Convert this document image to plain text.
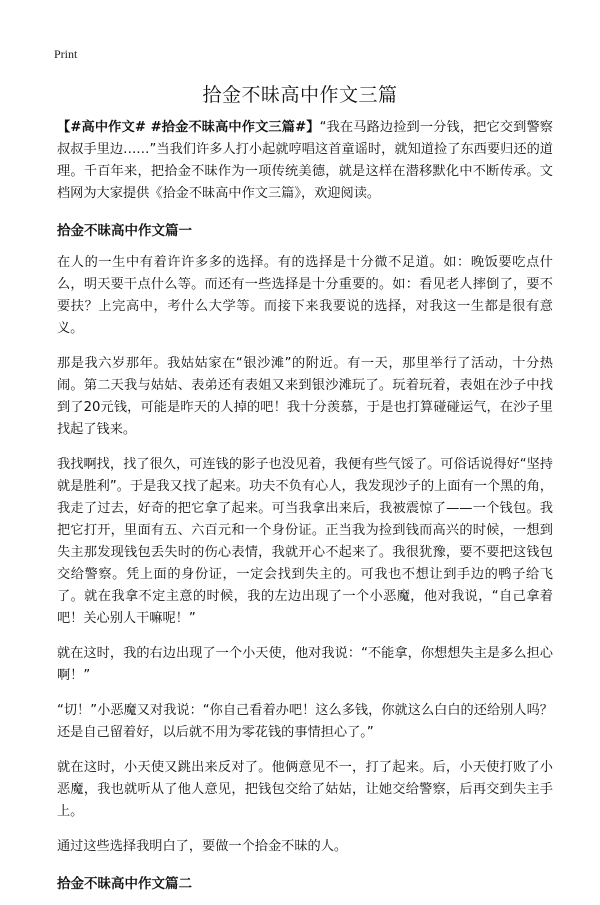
Print
拾金不昧高中作文三篇

【#高中作文# #拾金不昧高中作文三篇#】“我在马路边捡到一分钱，把它交到警察叔叔手里边……”当我们许多人打小起就哼唱这首童谣时，就知道捡了东西要归还的道理。千百年来，把拾金不昧作为一项传统美德，就是这样在潜移默化中不断传承。文档网为大家提供《拾金不昧高中作文三篇》，欢迎阅读。

拾金不昧高中作文篇一

在人的一生中有着许许多多的选择。有的选择是十分微不足道。如：晚饭要吃点什么，明天要干点什么等。而还有一些选择是十分重要的。如：看见老人摔倒了，要不要扶？上完高中，考什么大学等。而接下来我要说的选择，对我这一生都是很有意义。

那是我六岁那年。我姑姑家在“银沙滩”的附近。有一天，那里举行了活动，十分热闹。第二天我与姑姑、表弟还有表姐又来到银沙滩玩了。玩着玩着，表姐在沙子中找到了20元钱，可能是昨天的人掉的吧！我十分羡慕，于是也打算碰碰运气，在沙子里找起了钱来。

我找啊找，找了很久，可连钱的影子也没见着，我便有些气馁了。可俗话说得好“坚持就是胜利”。于是我又找了起来。功夫不负有心人，我发现沙子的上面有一个黑的角，我走了过去，好奇的把它拿了起来。可当我拿出来后，我被震惊了——一个钱包。我把它打开，里面有五、六百元和一个身份证。正当我为捡到钱而高兴的时候，一想到失主那发现钱包丢失时的伤心表情，我就开心不起来了。我很犹豫，要不要把这钱包交给警察。凭上面的身份证，一定会找到失主的。可我也不想让到手边的鸭子给飞了。就在我拿不定主意的时候，我的左边出现了一个小恶魔，他对我说，“自己拿着吧！关心别人干嘛呢！”

就在这时，我的右边出现了一个小天使，他对我说：“不能拿，你想想失主是多么担心啊！”

“切！”小恶魔又对我说：“你自己看着办吧！这么多钱，你就这么白白的还给别人吗？还是自己留着好，以后就不用为零花钱的事情担心了。”

就在这时，小天使又跳出来反对了。他俩意见不一，打了起来。后，小天使打败了小恶魔，我也就听从了他人意见，把钱包交给了姑姑，让她交给警察，后再交到失主手上。

通过这些选择我明白了，要做一个拾金不昧的人。

拾金不昧高中作文篇二
